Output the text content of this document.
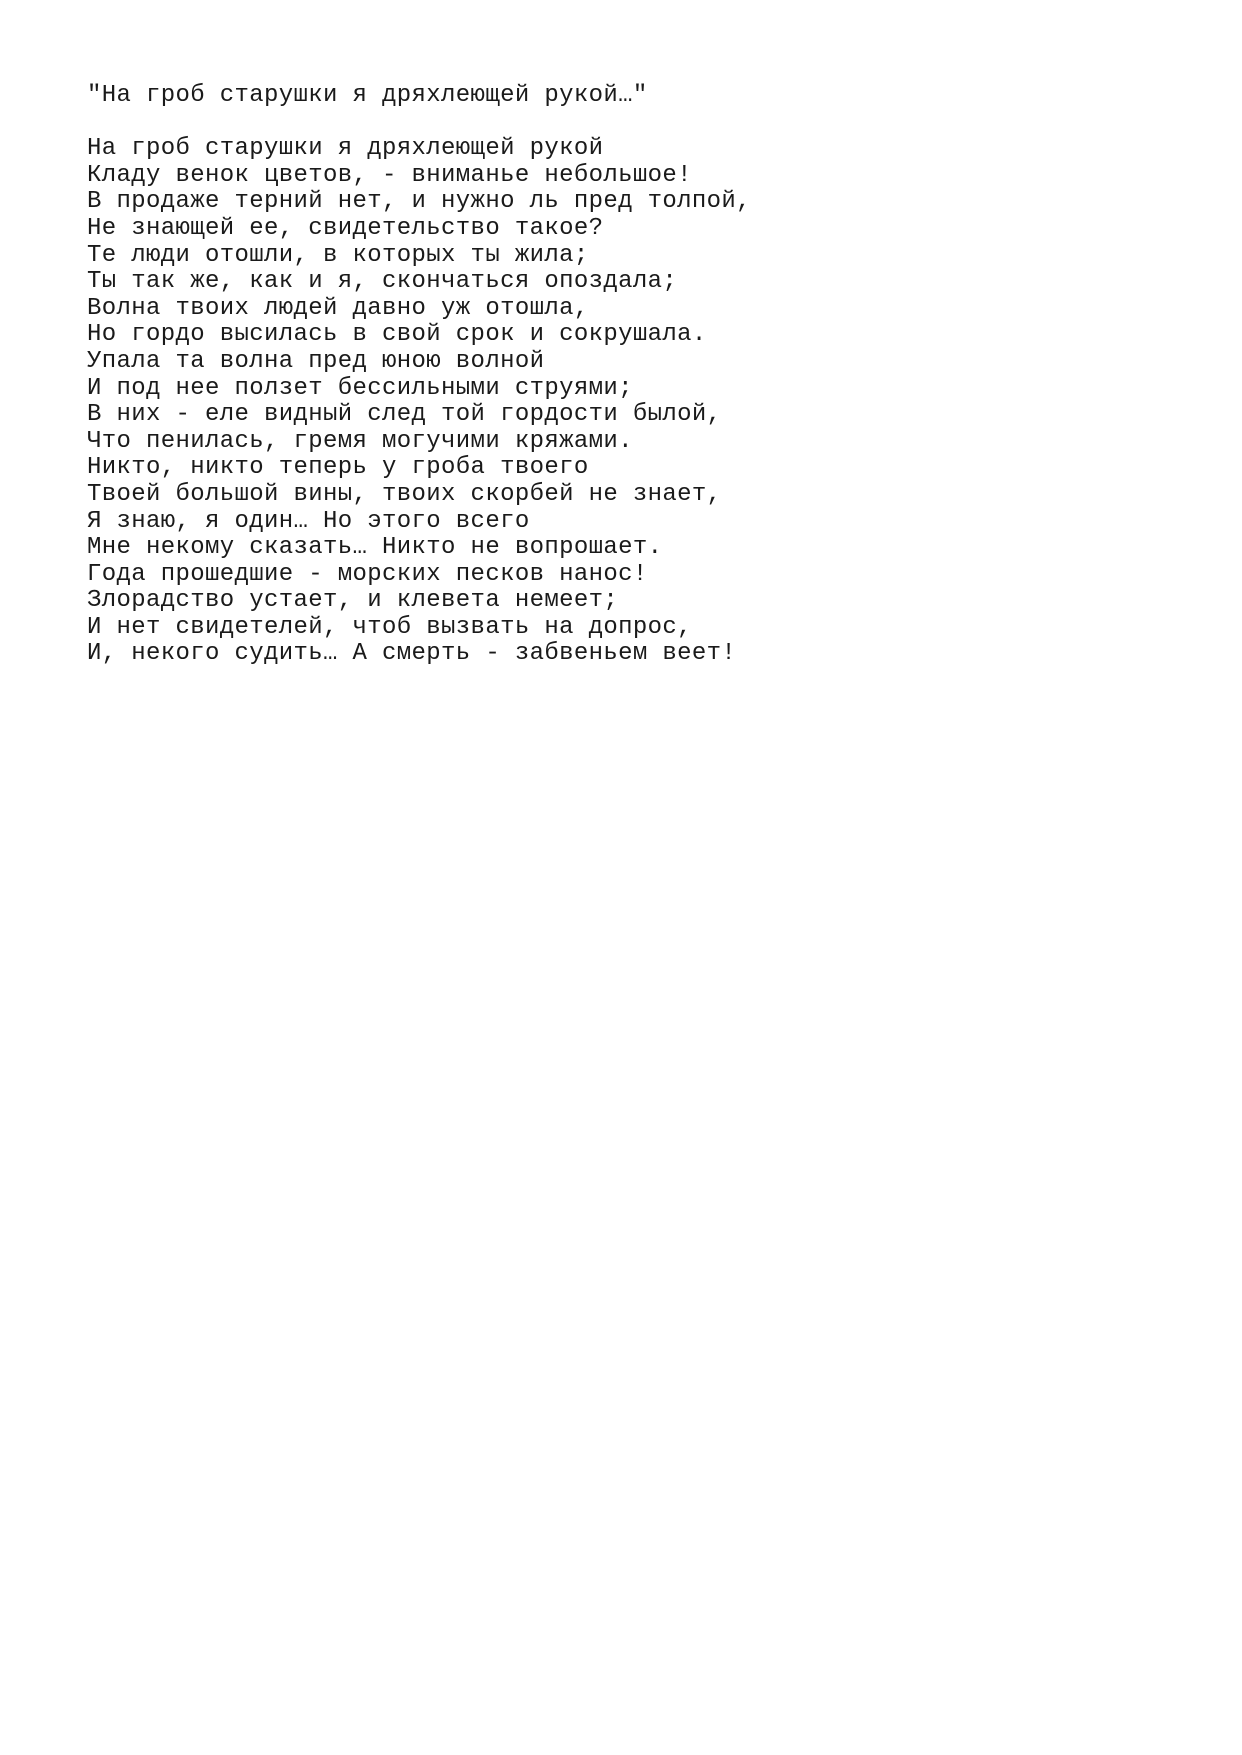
"На гроб старушки я дряхлеющей рукой…"
На гроб старушки я дряхлеющей рукой
Кладу венок цветов, - вниманье небольшое!
В продаже терний нет, и нужно ль пред толпой,
Не знающей ее, свидетельство такое?
Те люди отошли, в которых ты жила;
Ты так же, как и я, скончаться опоздала;
Волна твоих людей давно уж отошла,
Но гордо высилась в свой срок и сокрушала.
Упала та волна пред юною волной
И под нее ползет бессильными струями;
В них - еле видный след той гордости былой,
Что пенилась, гремя могучими кряжами.
Никто, никто теперь у гроба твоего
Твоей большой вины, твоих скорбей не знает,
Я знаю, я один… Но этого всего
Мне некому сказать… Никто не вопрошает.
Года прошедшие - морских песков нанос!
Злорадство устает, и клевета немеет;
И нет свидетелей, чтоб вызвать на допрос,
И, некого судить… А смерть - забвеньем веет!
